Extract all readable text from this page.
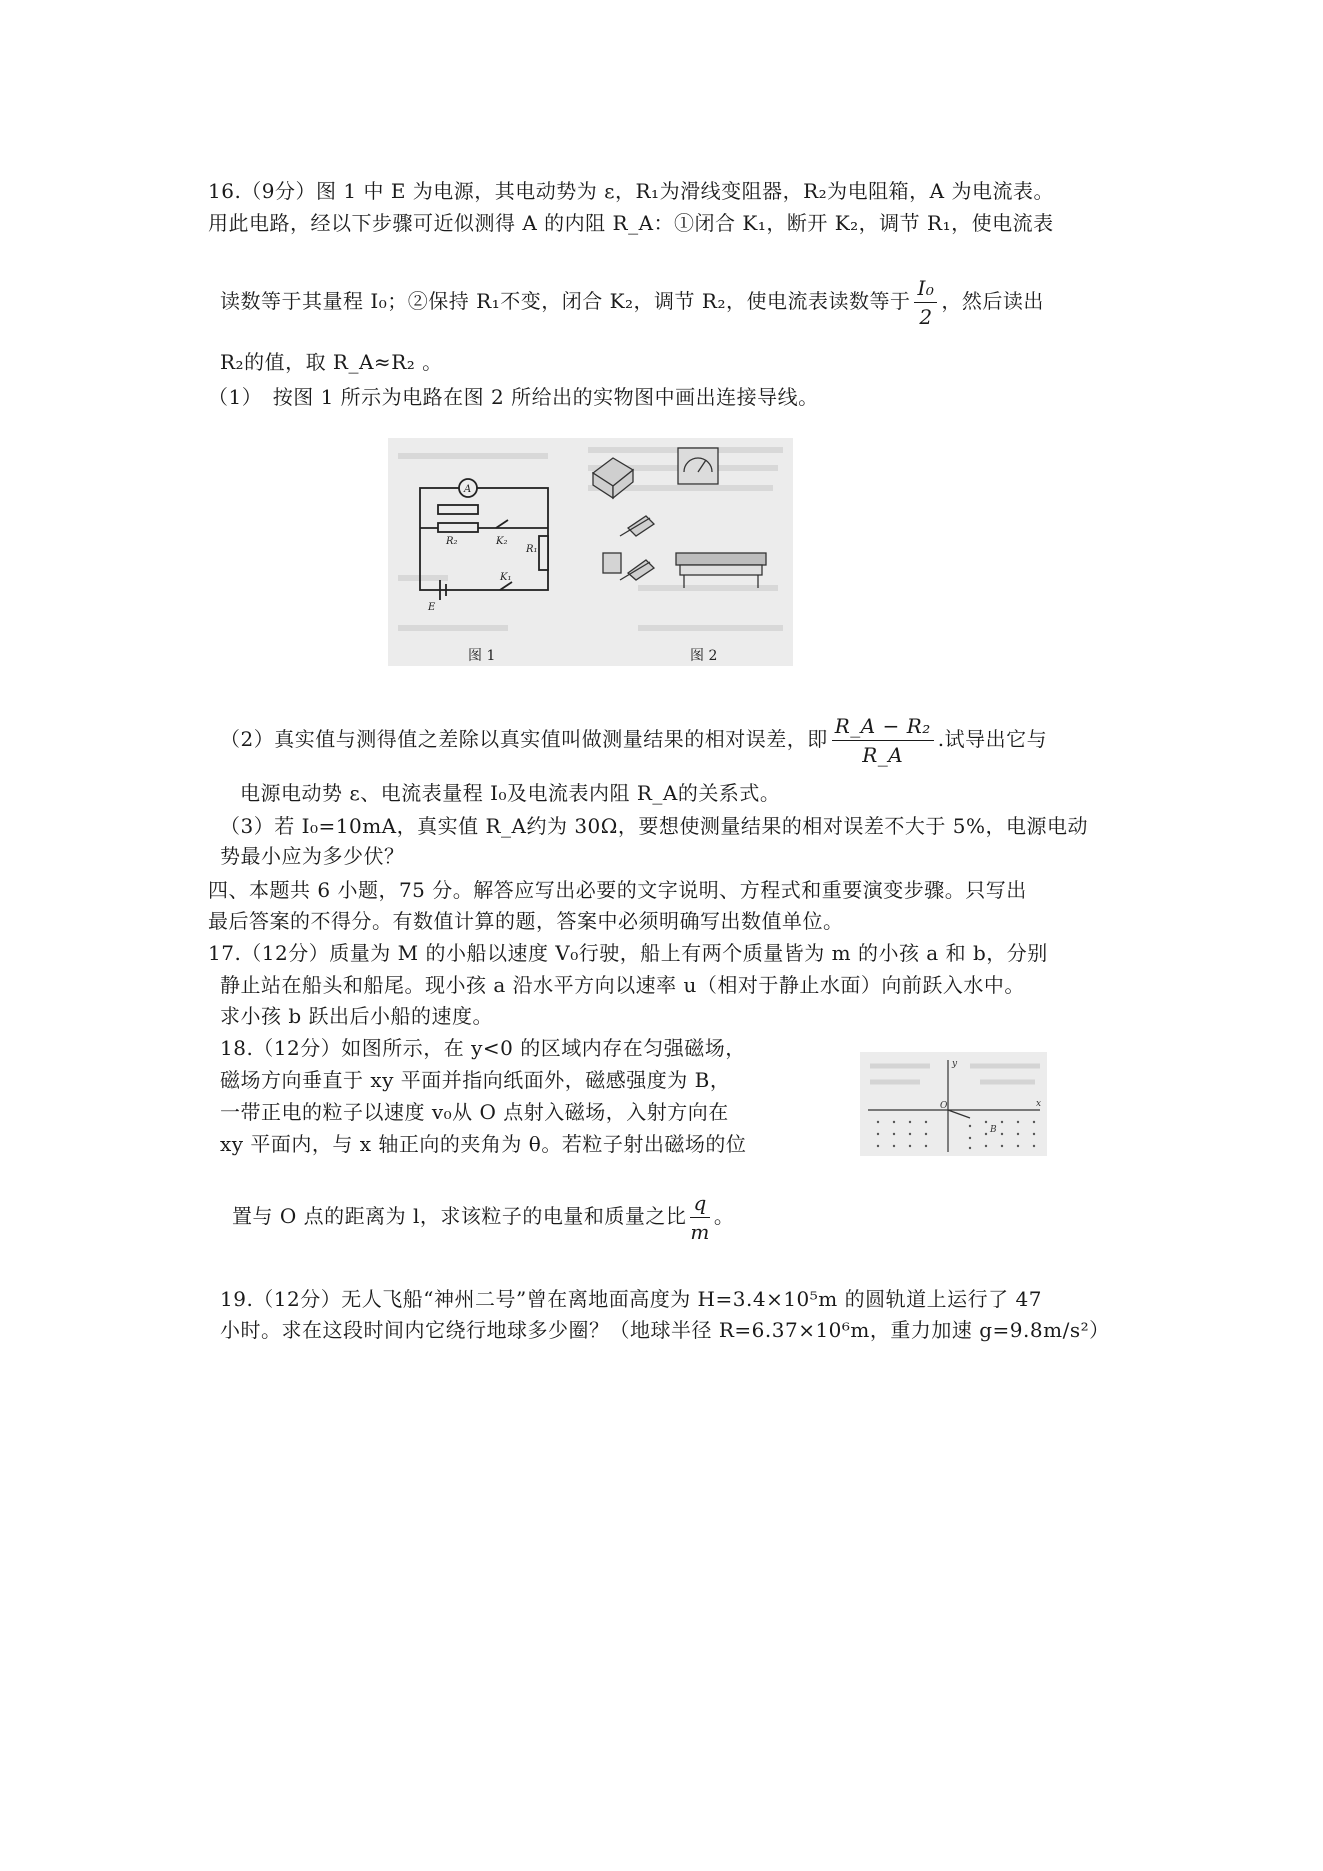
16.（9分）图 1 中 E 为电源，其电动势为 ε，R₁为滑线变阻器，R₂为电阻箱，A 为电流表。
用此电路，经以下步骤可近似测得 A 的内阻 R_A：①闭合 K₁，断开 K₂，调节 R₁，使电流表
读数等于其量程 I₀；②保持 R₁不变，闭合 K₂，调节 R₂，使电流表读数等于 $\frac{\text{I₀}}{2}$ ，然后读出
R₂的值，取 R_A≈R₂ 。
（1）　按图 1 所示为电路在图 2 所给出的实物图中画出连接导线。
A
R₂	K₂
R₁
E
K₁
图 1	图 2
（2）真实值与测得值之差除以真实值叫做测量结果的相对误差，即 $\frac{\text{R\_A − R₂}}{R\_A}$ .试导出它与
电源电动势 ε、电流表量程 I₀及电流表内阻 R_A的关系式。
（3）若 I₀=10mA，真实值 R_A约为 30Ω，要想使测量结果的相对误差不大于 5%，电源电动
势最小应为多少伏？
四、本题共 6 小题，75 分。解答应写出必要的文字说明、方程式和重要演变步骤。只写出
最后答案的不得分。有数值计算的题，答案中必须明确写出数值单位。
17.（12分）质量为 M 的小船以速度 V₀行驶，船上有两个质量皆为 m 的小孩 a 和 b，分别
静止站在船头和船尾。现小孩 a 沿水平方向以速率 u（相对于静止水面）向前跃入水中。
求小孩 b 跃出后小船的速度。
18.（12分）如图所示，在 y<0 的区域内存在匀强磁场，
磁场方向垂直于 xy 平面并指向纸面外，磁感强度为 B，
一带正电的粒子以速度 v₀从 O 点射入磁场，入射方向在
xy 平面内，与 x 轴正向的夹角为 θ。若粒子射出磁场的位
置与 O 点的距离为 l，求该粒子的电量和质量之比 $\frac{q}{m}$ 。
y
x
O
B
19.（12分）无人飞船“神州二号”曾在离地面高度为 H=3.4×10⁵m 的圆轨道上运行了 47
小时。求在这段时间内它绕行地球多少圈？（地球半径 R=6.37×10⁶m，重力加速 g=9.8m/s²）
